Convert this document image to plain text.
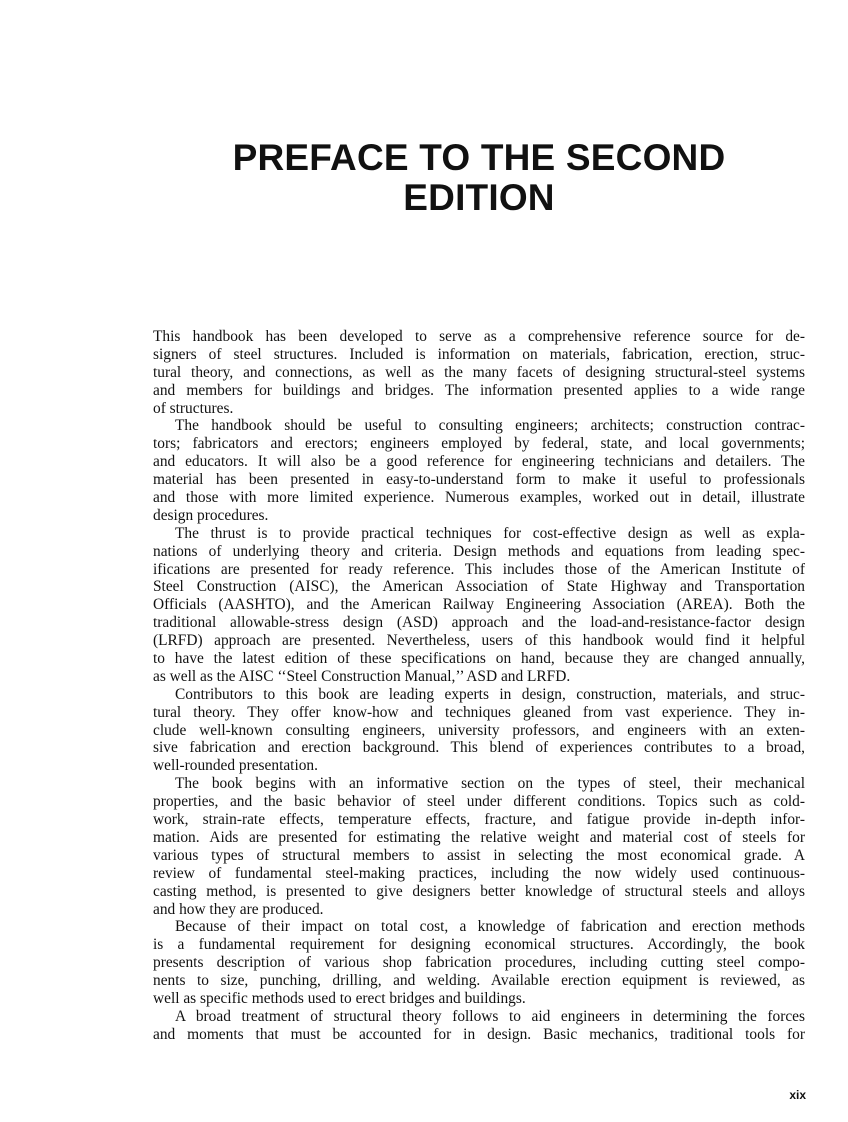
PREFACE TO THE SECOND
EDITION

This handbook has been developed to serve as a comprehensive reference source for de-
signers of steel structures. Included is information on materials, fabrication, erection, struc-
tural theory, and connections, as well as the many facets of designing structural-steel systems
and members for buildings and bridges. The information presented applies to a wide range
of structures.

The handbook should be useful to consulting engineers; architects; construction contrac-
tors; fabricators and erectors; engineers employed by federal, state, and local governments;
and educators. It will also be a good reference for engineering technicians and detailers. The
material has been presented in easy-to-understand form to make it useful to professionals
and those with more limited experience. Numerous examples, worked out in detail, illustrate
design procedures.

The thrust is to provide practical techniques for cost-effective design as well as expla-
nations of underlying theory and criteria. Design methods and equations from leading spec-
ifications are presented for ready reference. This includes those of the American Institute of
Steel Construction (AISC), the American Association of State Highway and Transportation
Officials (AASHTO), and the American Railway Engineering Association (AREA). Both the
traditional allowable-stress design (ASD) approach and the load-and-resistance-factor design
(LRFD) approach are presented. Nevertheless, users of this handbook would find it helpful
to have the latest edition of these specifications on hand, because they are changed annually,
as well as the AISC ‘‘Steel Construction Manual,’’ ASD and LRFD.

Contributors to this book are leading experts in design, construction, materials, and struc-
tural theory. They offer know-how and techniques gleaned from vast experience. They in-
clude well-known consulting engineers, university professors, and engineers with an exten-
sive fabrication and erection background. This blend of experiences contributes to a broad,
well-rounded presentation.

The book begins with an informative section on the types of steel, their mechanical
properties, and the basic behavior of steel under different conditions. Topics such as cold-
work, strain-rate effects, temperature effects, fracture, and fatigue provide in-depth infor-
mation. Aids are presented for estimating the relative weight and material cost of steels for
various types of structural members to assist in selecting the most economical grade. A
review of fundamental steel-making practices, including the now widely used continuous-
casting method, is presented to give designers better knowledge of structural steels and alloys
and how they are produced.

Because of their impact on total cost, a knowledge of fabrication and erection methods
is a fundamental requirement for designing economical structures. Accordingly, the book
presents description of various shop fabrication procedures, including cutting steel compo-
nents to size, punching, drilling, and welding. Available erection equipment is reviewed, as
well as specific methods used to erect bridges and buildings.

A broad treatment of structural theory follows to aid engineers in determining the forces
and moments that must be accounted for in design. Basic mechanics, traditional tools for

xix
